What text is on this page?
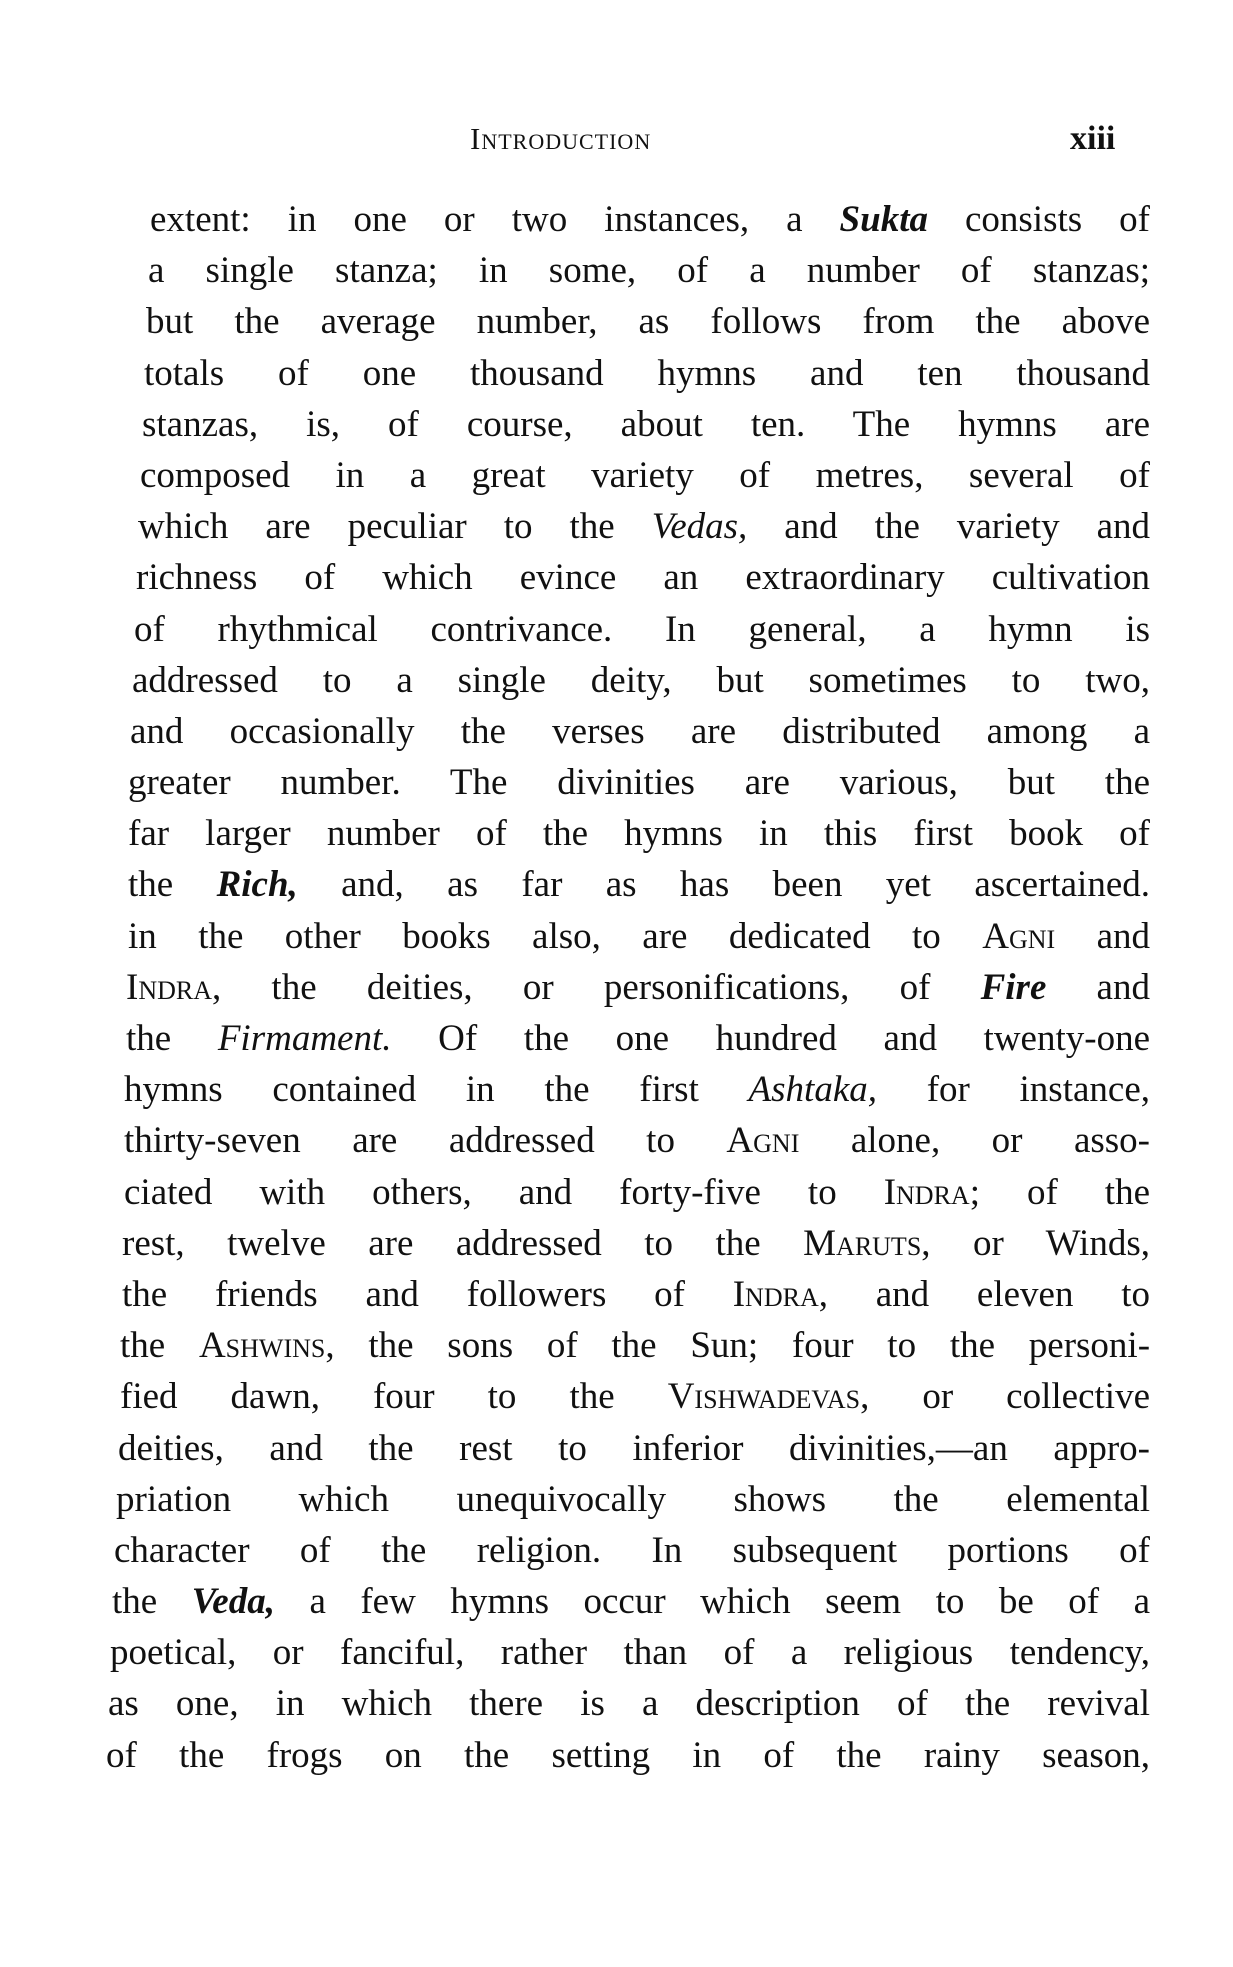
Introduction	xiii
extent: in one or two instances, a Sukta consists of
a single stanza; in some, of a number of stanzas;
but the average number, as follows from the above
totals of one thousand hymns and ten thousand
stanzas, is, of course, about ten. The hymns are
composed in a great variety of metres, several of
which are peculiar to the Vedas, and the variety and
richness of which evince an extraordinary cultivation
of rhythmical contrivance. In general, a hymn is
addressed to a single deity, but sometimes to two,
and occasionally the verses are distributed among a
greater number. The divinities are various, but the
far larger number of the hymns in this first book of
the Rich, and, as far as has been yet ascertained.
in the other books also, are dedicated to Agni and
Indra, the deities, or personifications, of Fire and
the Firmament. Of the one hundred and twenty-one
hymns contained in the first Ashtaka, for instance,
thirty-seven are addressed to Agni alone, or asso-
ciated with others, and forty-five to Indra; of the
rest, twelve are addressed to the Maruts, or Winds,
the friends and followers of Indra, and eleven to
the Ashwins, the sons of the Sun; four to the personi-
fied dawn, four to the Vishwadevas, or collective
deities, and the rest to inferior divinities,—an appro-
priation which unequivocally shows the elemental
character of the religion. In subsequent portions of
the Veda, a few hymns occur which seem to be of a
poetical, or fanciful, rather than of a religious tendency,
as one, in which there is a description of the revival
of the frogs on the setting in of the rainy season,
